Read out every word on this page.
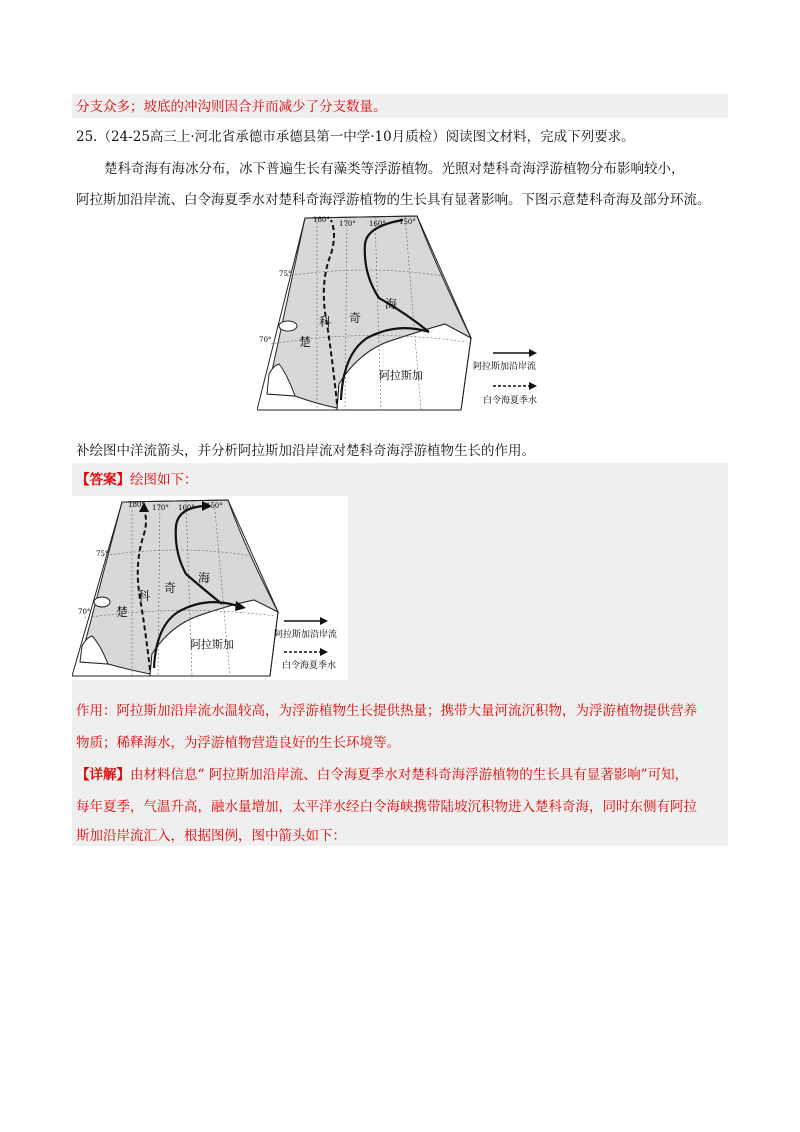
分支众多；坡底的冲沟则因合并而减少了分支数量。
25.（24-25高三上·河北省承德市承德县第一中学·10月质检）阅读图文材料，完成下列要求。
楚科奇海有海冰分布，冰下普遍生长有藻类等浮游植物。光照对楚科奇海浮游植物分布影响较小，
阿拉斯加沿岸流、白令海夏季水对楚科奇海浮游植物的生长具有显著影响。下图示意楚科奇海及部分环流。
180° 170° 160° 150°
75°
70° 楚
科 奇
海
阿拉斯加
阿拉斯加沿岸流
白令海夏季水
补绘图中洋流箭头，并分析阿拉斯加沿岸流对楚科奇海浮游植物生长的作用。
【答案】绘图如下：
180° 170° 160° 150°
75°
70° 楚
科
奇
海
阿拉斯加
阿拉斯加沿岸流
白令海夏季水
作用：阿拉斯加沿岸流水温较高，为浮游植物生长提供热量；携带大量河流沉积物，为浮游植物提供营养
物质；稀释海水，为浮游植物营造良好的生长环境等。
【详解】由材料信息“ 阿拉斯加沿岸流、白令海夏季水对楚科奇海浮游植物的生长具有显著影响”可知，
每年夏季，气温升高，融水量增加，太平洋水经白令海峡携带陆坡沉积物进入楚科奇海，同时东侧有阿拉
斯加沿岸流汇入，根据图例，图中箭头如下：
